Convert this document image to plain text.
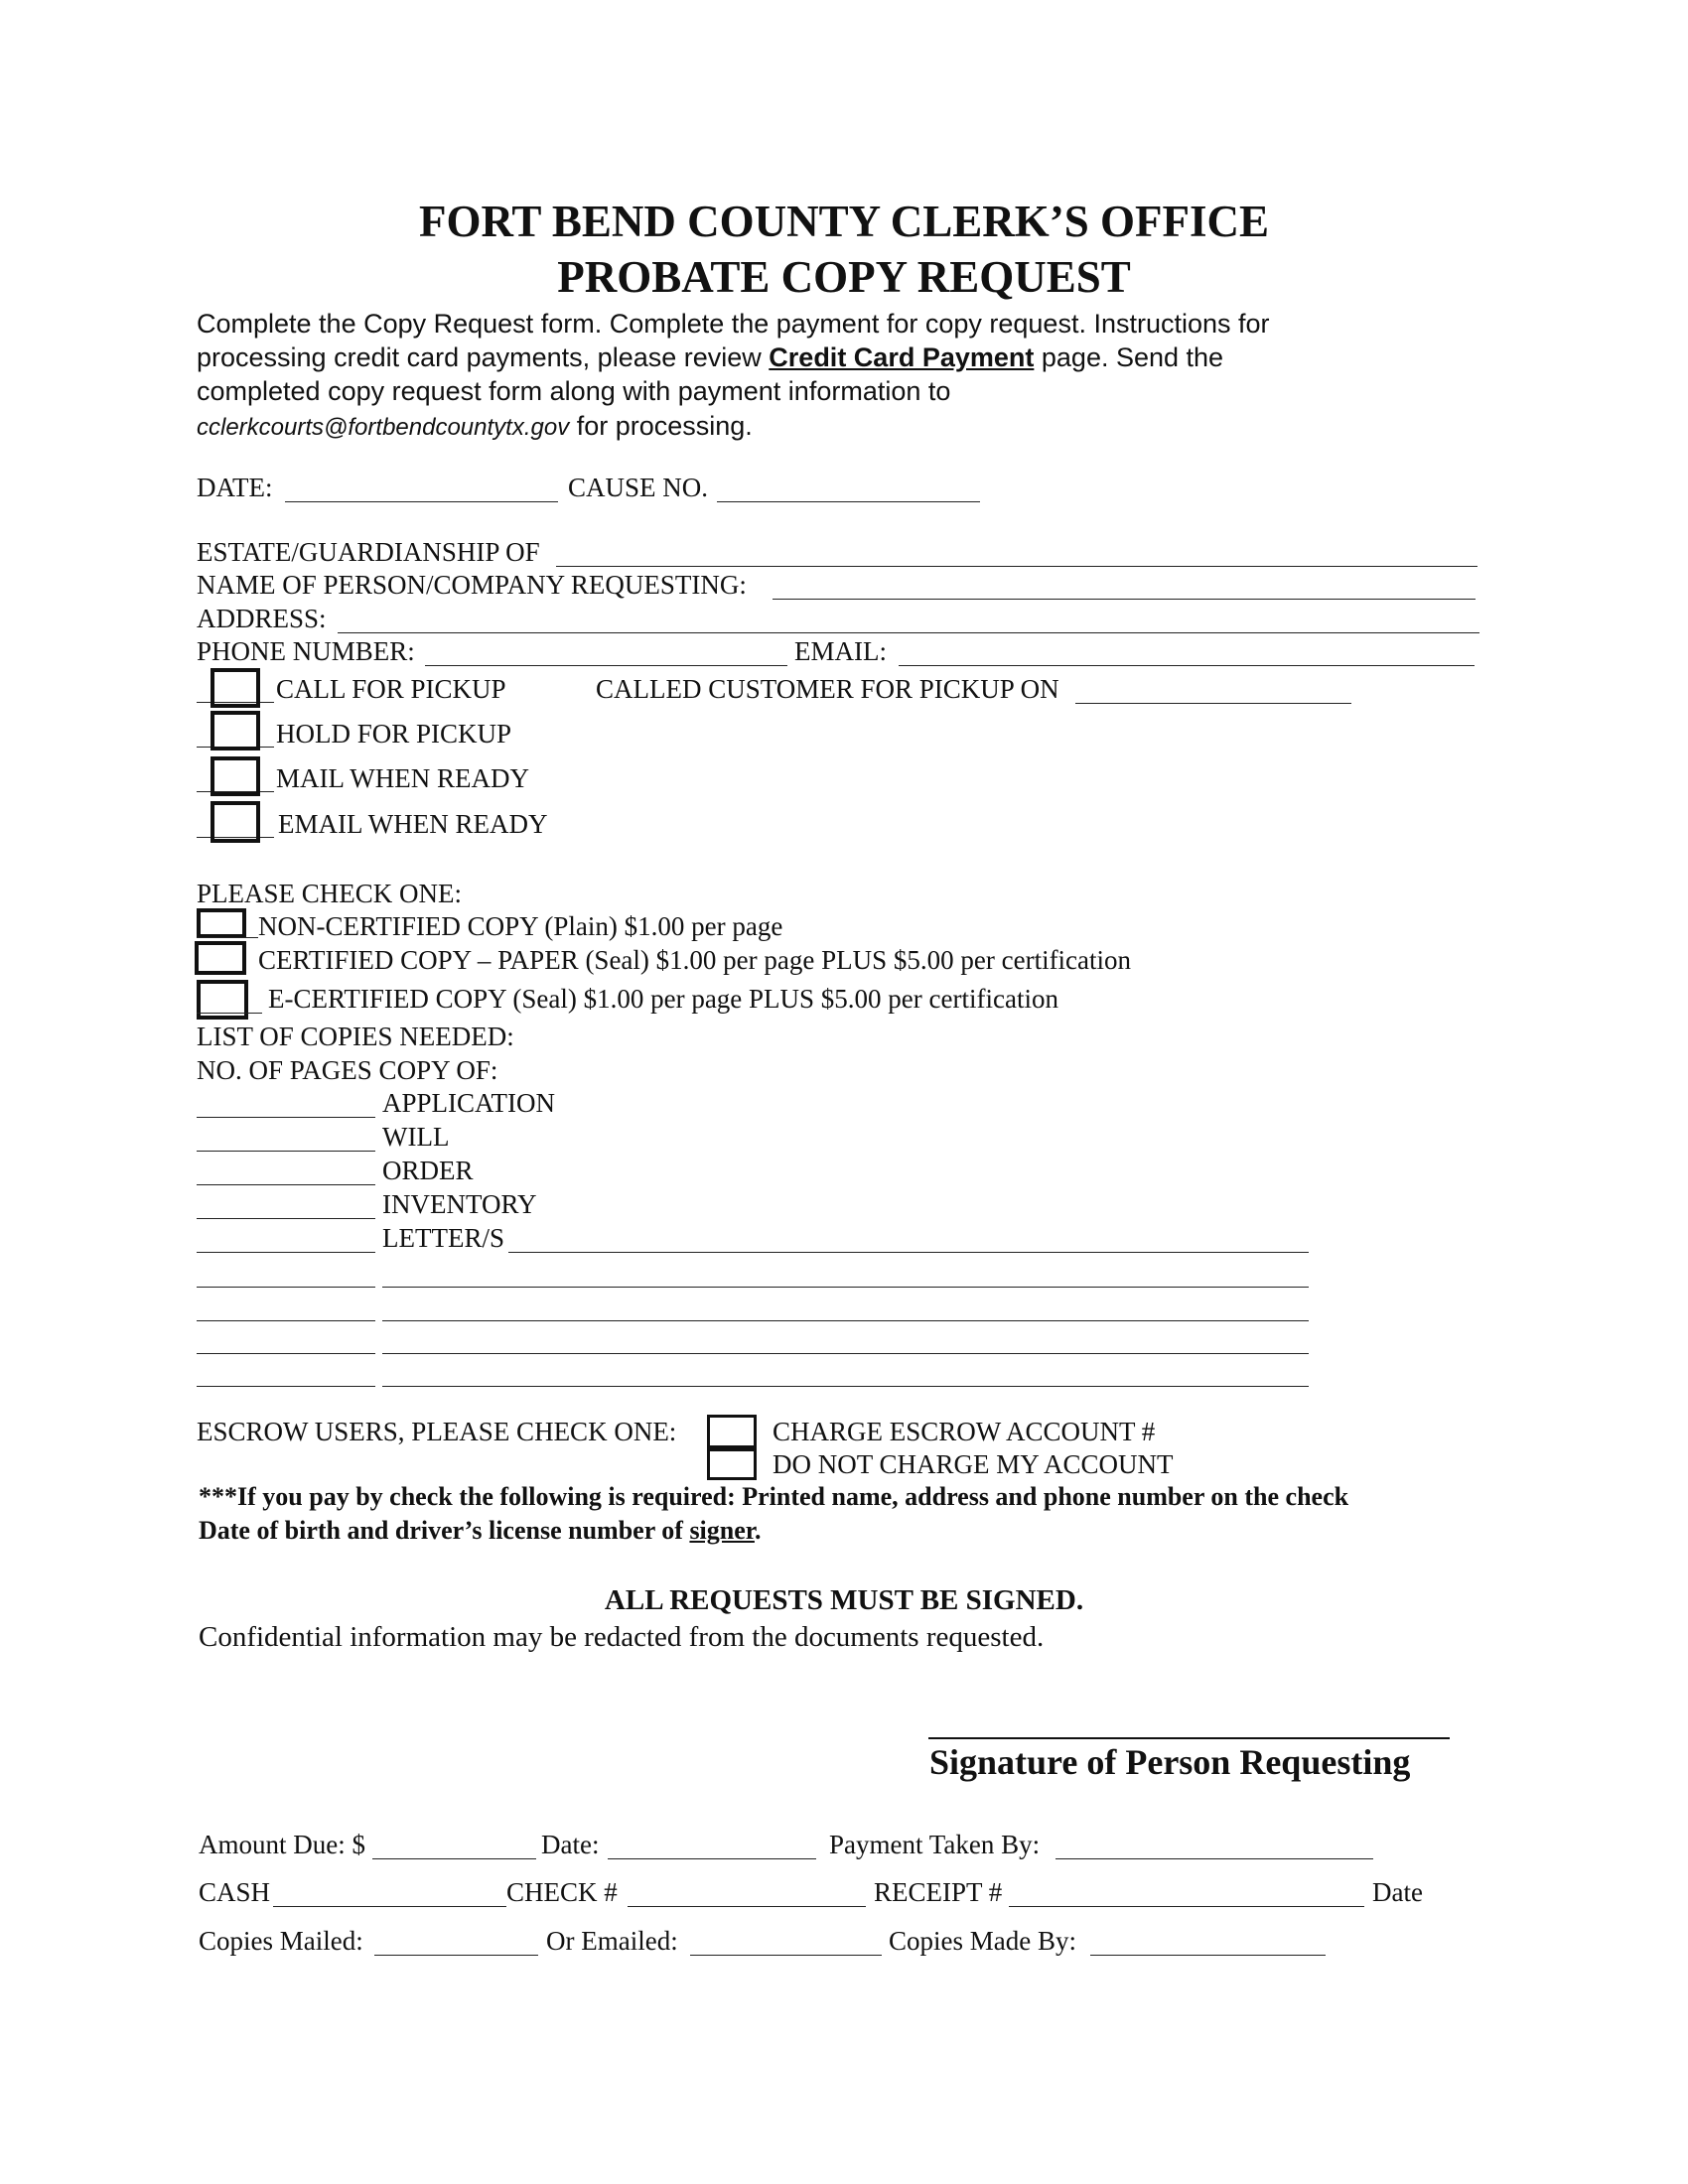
FORT BEND COUNTY CLERK’S OFFICE
PROBATE COPY REQUEST
Complete the Copy Request form. Complete the payment for copy request. Instructions for
processing credit card payments, please review Credit Card Payment page. Send the
completed copy request form along with payment information to
cclerkcourts@fortbendcountytx.gov for processing.
DATE:	CAUSE NO.
ESTATE/GUARDIANSHIP OF
NAME OF PERSON/COMPANY REQUESTING:
ADDRESS:
PHONE NUMBER:	EMAIL:
CALL FOR PICKUP	CALLED CUSTOMER FOR PICKUP ON
HOLD FOR PICKUP
MAIL WHEN READY
EMAIL WHEN READY
PLEASE CHECK ONE:
NON-CERTIFIED COPY (Plain) $1.00 per page
CERTIFIED COPY – PAPER (Seal) $1.00 per page PLUS $5.00 per certification
E-CERTIFIED COPY (Seal) $1.00 per page PLUS $5.00 per certification
LIST OF COPIES NEEDED:
NO. OF PAGES COPY OF:
APPLICATION
WILL
ORDER
INVENTORY
LETTER/S
ESCROW USERS, PLEASE CHECK ONE:	CHARGE ESCROW ACCOUNT #
DO NOT CHARGE MY ACCOUNT
***If you pay by check the following is required: Printed name, address and phone number on the check
Date of birth and driver’s license number of signer.
ALL REQUESTS MUST BE SIGNED.
Confidential information may be redacted from the documents requested.
Signature of Person Requesting
Amount Due: $	Date:	Payment Taken By:
CASH	CHECK #	RECEIPT #	Date
Copies Mailed:	Or Emailed:	Copies Made By:
